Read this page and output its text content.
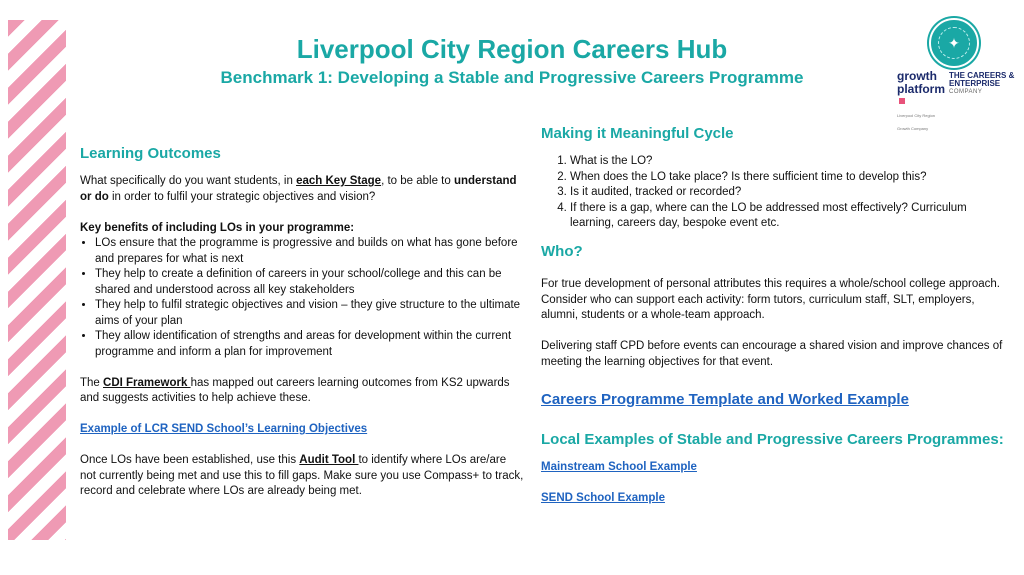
Liverpool City Region Careers Hub
Benchmark 1: Developing a Stable and Progressive Careers Programme
✦
growth
platform
Liverpool City Region Growth Company
THE CAREERS &
ENTERPRISE
COMPANY
Learning Outcomes

What specifically do you want students, in each Key Stage, to be able to understand or do in order to fulfil your strategic objectives and vision?

Key benefits of including LOs in your programme:

• LOs ensure that the programme is progressive and builds on what has gone before and prepares for what is next
• They help to create a definition of careers in your school/college and this can be shared and understood across all key stakeholders
• They help to fulfil strategic objectives and vision – they give structure to the ultimate aims of your plan
• They allow identification of strengths and areas for development within the current programme and inform a plan for improvement

The CDI Framework has mapped out careers learning outcomes from KS2 upwards and suggests activities to help achieve these.

Example of LCR SEND School’s Learning Objectives

Once LOs have been established, use this Audit Tool to identify where LOs are/are not currently being met and use this to fill gaps. Make sure you use Compass+ to track, record and celebrate where LOs are already being met.

Making it Meaningful Cycle
1. What is the LO?
2. When does the LO take place? Is there sufficient time to develop this?
3. Is it audited, tracked or recorded?
4. If there is a gap, where can the LO be addressed most effectively? Curriculum learning, careers day, bespoke event etc.
Who?

For true development of personal attributes this requires a whole/school college approach. Consider who can support each activity: form tutors, curriculum staff, SLT, employers, alumni, students or a whole-team approach.

Delivering staff CPD before events can encourage a shared vision and improve chances of meeting the learning objectives for that event.

Careers Programme Template and Worked Example
Local Examples of Stable and Progressive Careers Programmes:

Mainstream School Example

SEND School Example
